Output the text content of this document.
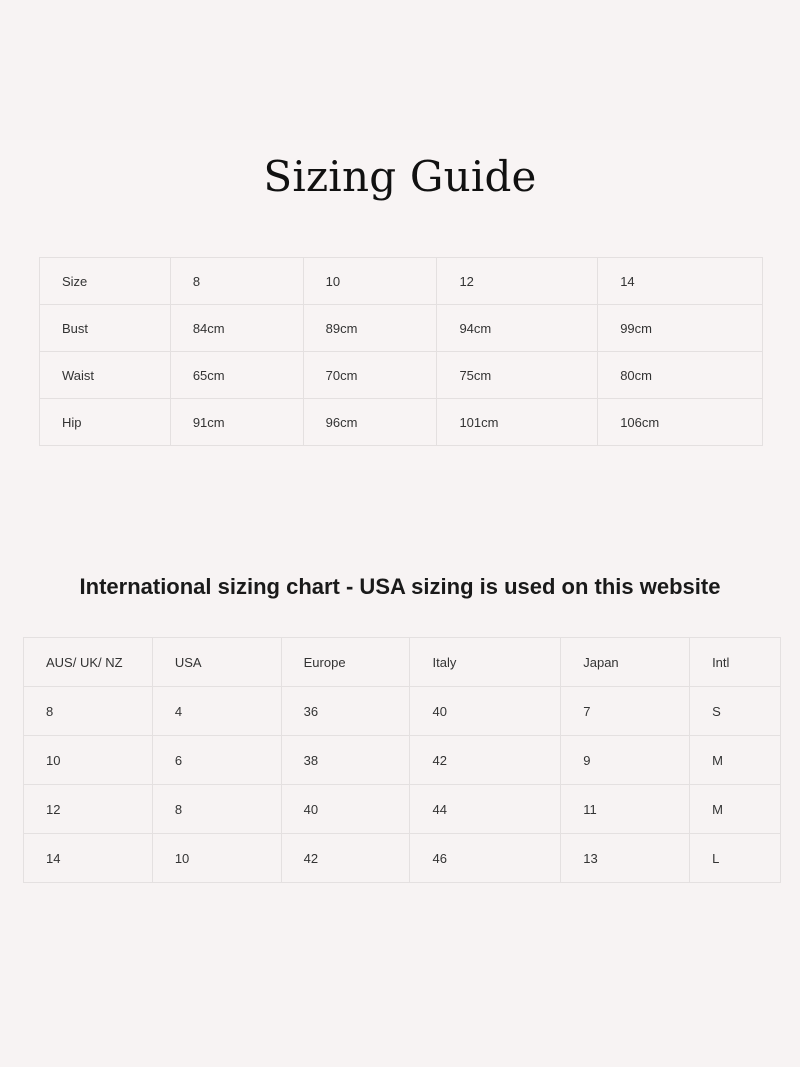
Sizing Guide
Size	8	10	12	14
Bust	84cm	89cm	94cm	99cm
Waist	65cm	70cm	75cm	80cm
Hip	91cm	96cm	101cm	106cm
International sizing chart - USA sizing is used on this website
AUS/ UK/ NZ	USA	Europe	Italy	Japan	Intl
8	4	36	40	7	S
10	6	38	42	9	M
12	8	40	44	11	M
14	10	42	46	13	L
